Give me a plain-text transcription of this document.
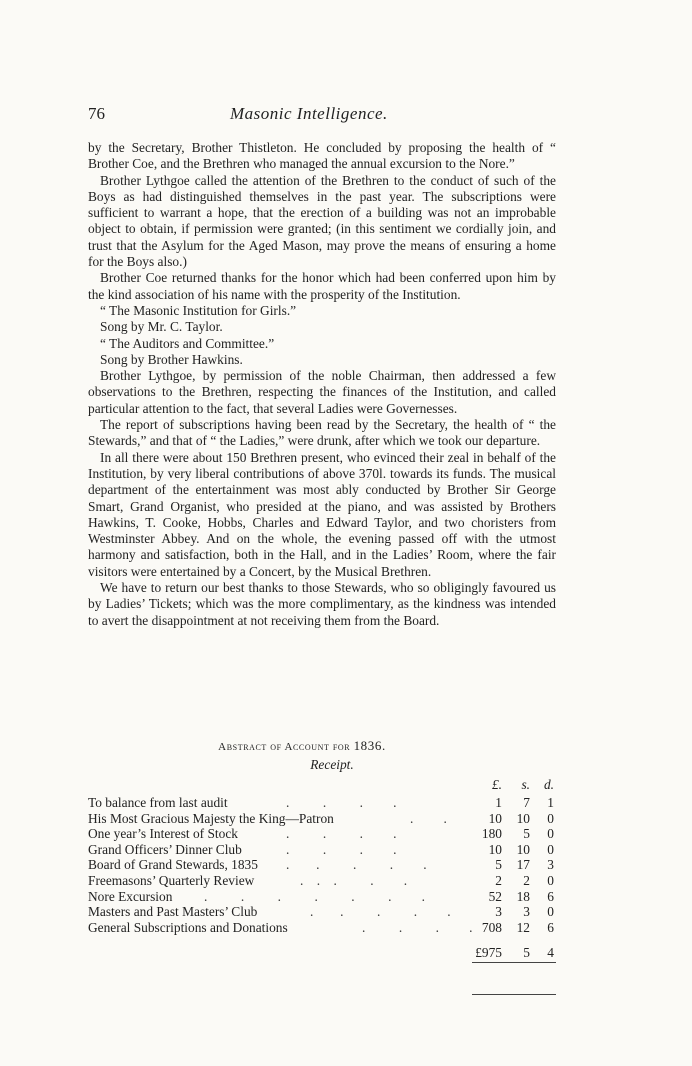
76	Masonic Intelligence.

by the Secretary, Brother Thistleton. He concluded by proposing the health of “ Brother Coe, and the Brethren who managed the annual excursion to the Nore.”

Brother Lythgoe called the attention of the Brethren to the conduct of such of the Boys as had distinguished themselves in the past year. The subscriptions were sufficient to warrant a hope, that the erection of a building was not an improbable object to obtain, if permission were granted; (in this sentiment we cordially join, and trust that the Asylum for the Aged Mason, may prove the means of ensuring a home for the Boys also.)

Brother Coe returned thanks for the honor which had been conferred upon him by the kind association of his name with the prosperity of the Institution.

“ The Masonic Institution for Girls.”

Song by Mr. C. Taylor.

“ The Auditors and Committee.”

Song by Brother Hawkins.

Brother Lythgoe, by permission of the noble Chairman, then addressed a few observations to the Brethren, respecting the finances of the Institution, and called particular attention to the fact, that several Ladies were Governesses.

The report of subscriptions having been read by the Secretary, the health of “ the Stewards,” and that of “ the Ladies,” were drunk, after which we took our departure.

In all there were about 150 Brethren present, who evinced their zeal in behalf of the Institution, by very liberal contributions of above 370l. towards its funds. The musical department of the entertainment was most ably conducted by Brother Sir George Smart, Grand Organist, who presided at the piano, and was assisted by Brothers Hawkins, T. Cooke, Hobbs, Charles and Edward Taylor, and two choristers from Westminster Abbey. And on the whole, the evening passed off with the utmost harmony and satisfaction, both in the Hall, and in the Ladies’ Room, where the fair visitors were entertained by a Concert, by the Musical Brethren.

We have to return our best thanks to those Stewards, who so obligingly favoured us by Ladies’ Tickets; which was the more complimentary, as the kindness was intended to avert the disappointment at not receiving them from the Board.

Abstract of Account for 1836.
Receipt.
£.	s.	d.
To balance from last audit	.          .          .         .	1	7	1
His Most Gracious Majesty the King—Patron	.         .	10	10	0
One year’s Interest of Stock	.          .          .         .	180	5	0
Grand Officers’ Dinner Club	.          .          .         .	10	10	0
Board of Grand Stewards, 1835 .        .          .          .         .	5	17	3
Freemasons’ Quarterly Review	.    .    .          .         .	2	2	0
Nore Excursion .          .          .          .          .          .         .	52	18	6
Masters and Past Masters’ Club	.        .          .          .         .	3	3	0
General Subscriptions and Donations	.          .          .         . 708	12	6
£975	5	4
